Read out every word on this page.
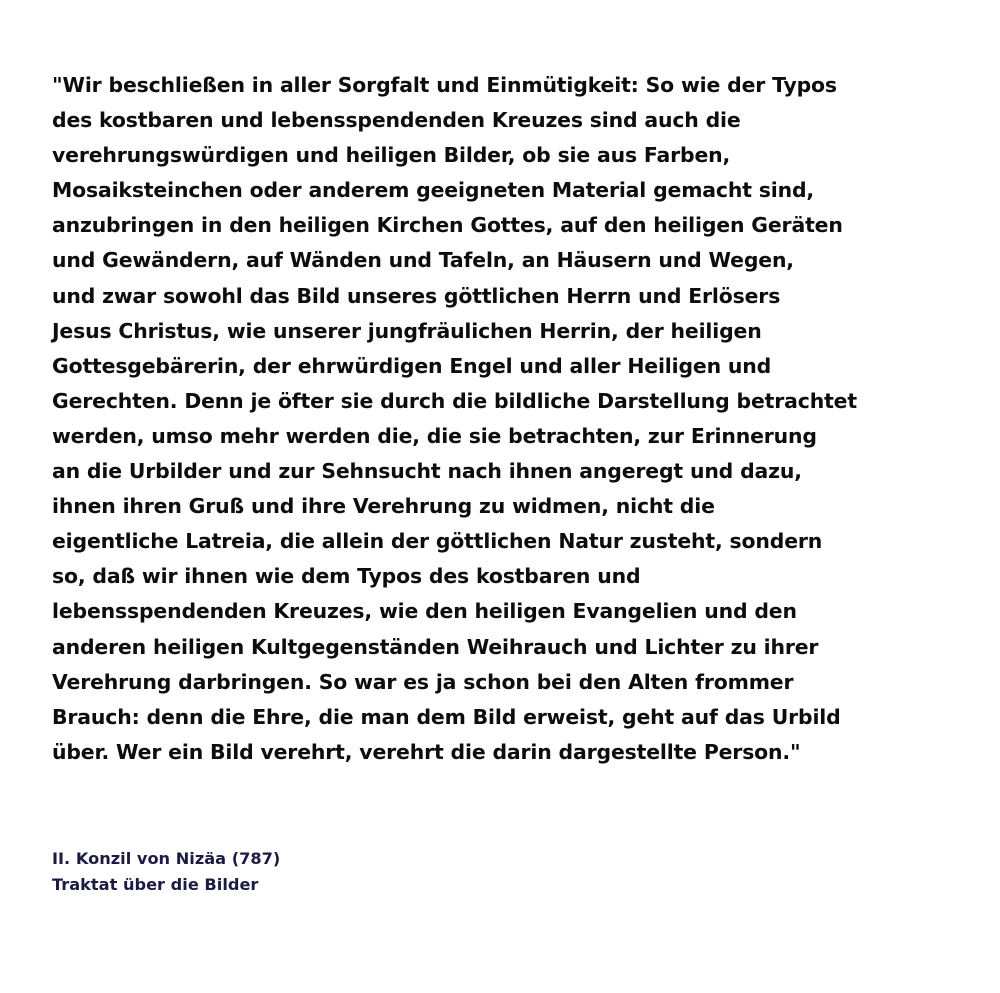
"Wir beschließen in aller Sorgfalt und Einmütigkeit: So wie der Typos
des kostbaren und lebensspendenden Kreuzes sind auch die
verehrungswürdigen und heiligen Bilder, ob sie aus Farben,
Mosaiksteinchen oder anderem geeigneten Material gemacht sind,
anzubringen in den heiligen Kirchen Gottes, auf den heiligen Geräten
und Gewändern, auf Wänden und Tafeln, an Häusern und Wegen,
und zwar sowohl das Bild unseres göttlichen Herrn und Erlösers
Jesus Christus, wie unserer jungfräulichen Herrin, der heiligen
Gottesgebärerin, der ehrwürdigen Engel und aller Heiligen und
Gerechten. Denn je öfter sie durch die bildliche Darstellung betrachtet
werden, umso mehr werden die, die sie betrachten, zur Erinnerung
an die Urbilder und zur Sehnsucht nach ihnen angeregt und dazu,
ihnen ihren Gruß und ihre Verehrung zu widmen, nicht die
eigentliche Latreia, die allein der göttlichen Natur zusteht, sondern
so, daß wir ihnen wie dem Typos des kostbaren und
lebensspendenden Kreuzes, wie den heiligen Evangelien und den
anderen heiligen Kultgegenständen Weihrauch und Lichter zu ihrer
Verehrung darbringen. So war es ja schon bei den Alten frommer
Brauch: denn die Ehre, die man dem Bild erweist, geht auf das Urbild
über. Wer ein Bild verehrt, verehrt die darin dargestellte Person."
II. Konzil von Nizäa (787)
Traktat über die Bilder
